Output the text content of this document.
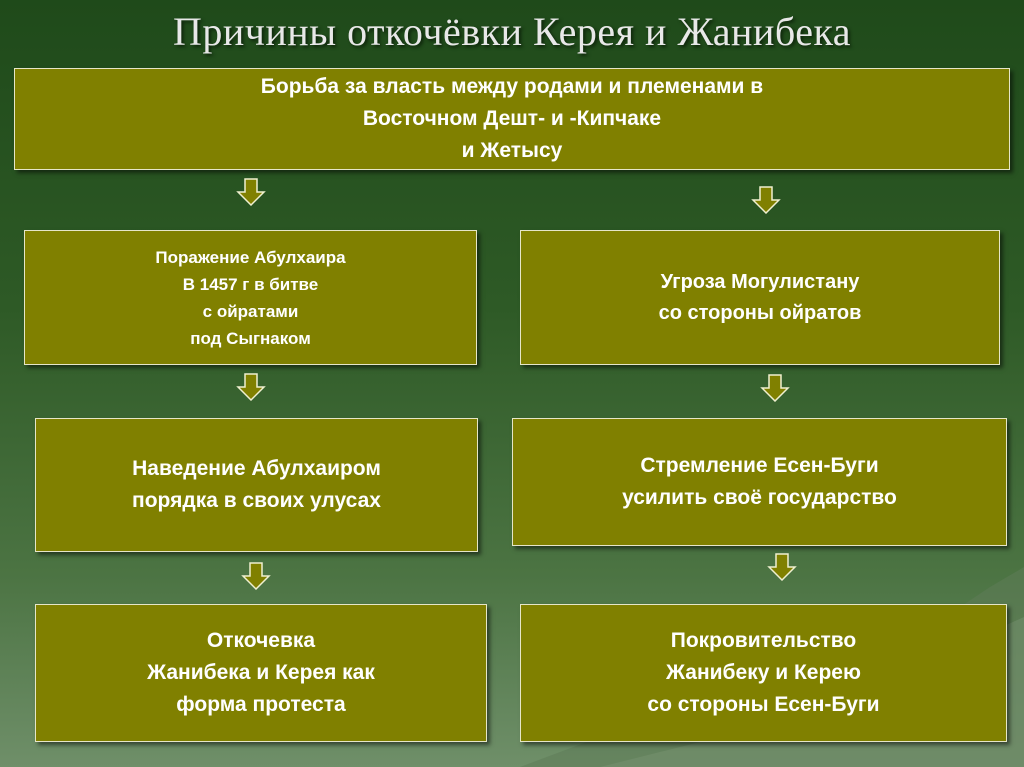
Причины откочёвки Керея и Жанибека
Борьба за власть между родами и племенами в
Восточном Дешт- и -Кипчаке
и Жетысу
Поражение Абулхаира
В 1457 г в битве
с ойратами
под Сыгнаком
Угроза Могулистану
со стороны ойратов
Наведение Абулхаиром
порядка в своих улусах
Стремление Есен-Буги
усилить своё государство
Откочевка
Жанибека и Керея как
форма протеста
Покровительство
Жанибеку и Керею
со стороны Есен-Буги
